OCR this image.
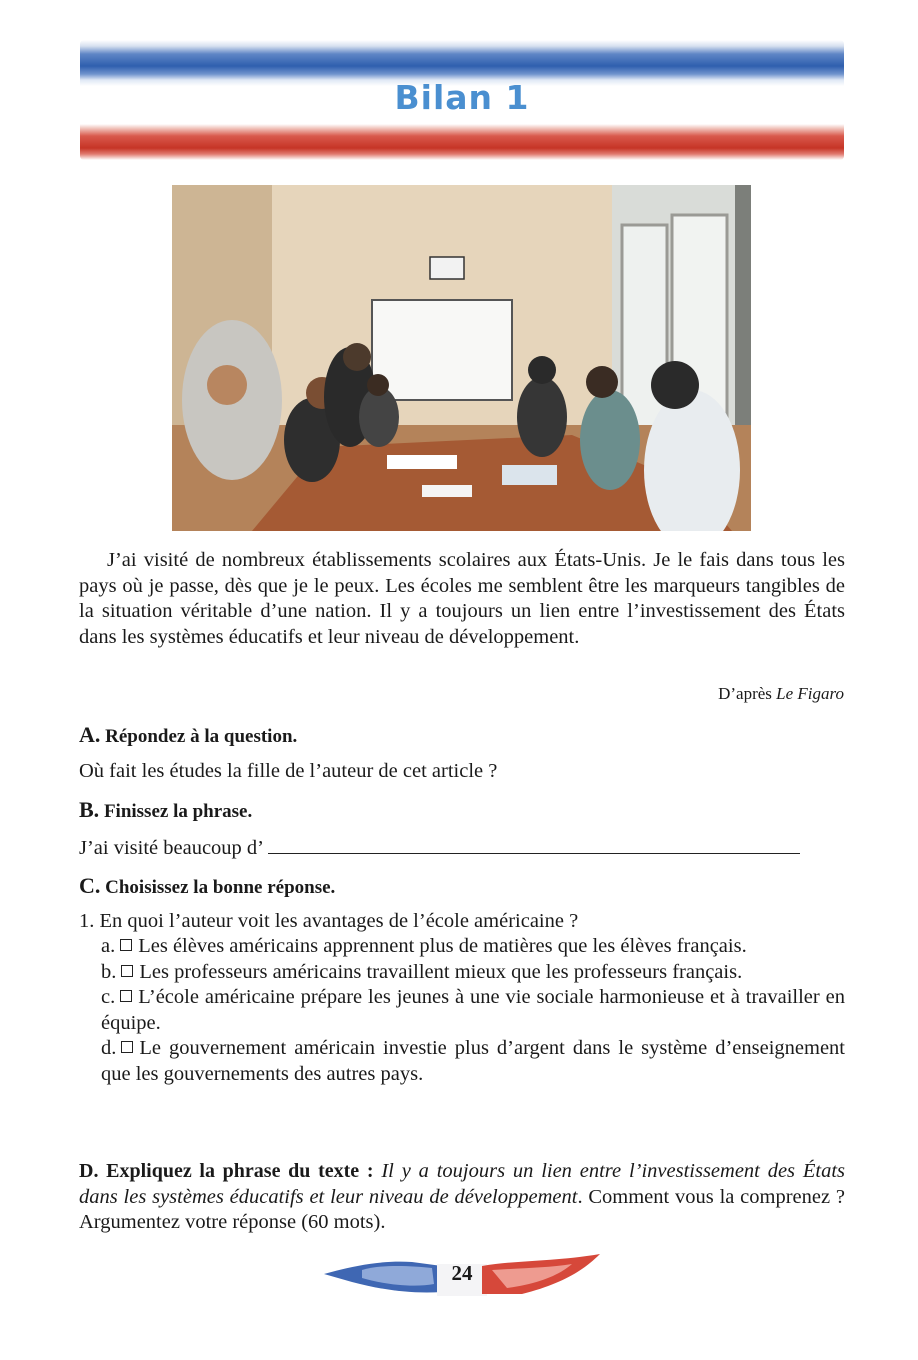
Bilan 1
J’ai visité de nombreux établissements scolaires aux États-Unis. Je le fais dans tous les pays où je passe, dès que je le peux. Les écoles me semblent être les marqueurs tangibles de la situation véritable d’une nation. Il y a toujours un lien entre l’investissement des États dans les systèmes éducatifs et leur niveau de développement.
D’après Le Figaro
A. Répondez à la question.
Où fait les études la fille de l’auteur de cet article ?
B. Finissez la phrase.
J’ai visité beaucoup d’
C. Choisissez la bonne réponse.
1. En quoi l’auteur voit les avantages de l’école américaine ?
a. Les élèves américains apprennent plus de matières que les élèves français.
b. Les professeurs américains travaillent mieux que les professeurs français.
c. L’école américaine prépare les jeunes à une vie sociale harmonieuse et à travailler en équipe.
d. Le gouvernement américain investie plus d’argent dans le système d’enseignement que les gouvernements des autres pays.
D. Expliquez la phrase du texte : Il y a toujours un lien entre l’investissement des États dans les systèmes éducatifs et leur niveau de développement. Comment vous la comprenez ? Argumentez votre réponse (60 mots).
24
